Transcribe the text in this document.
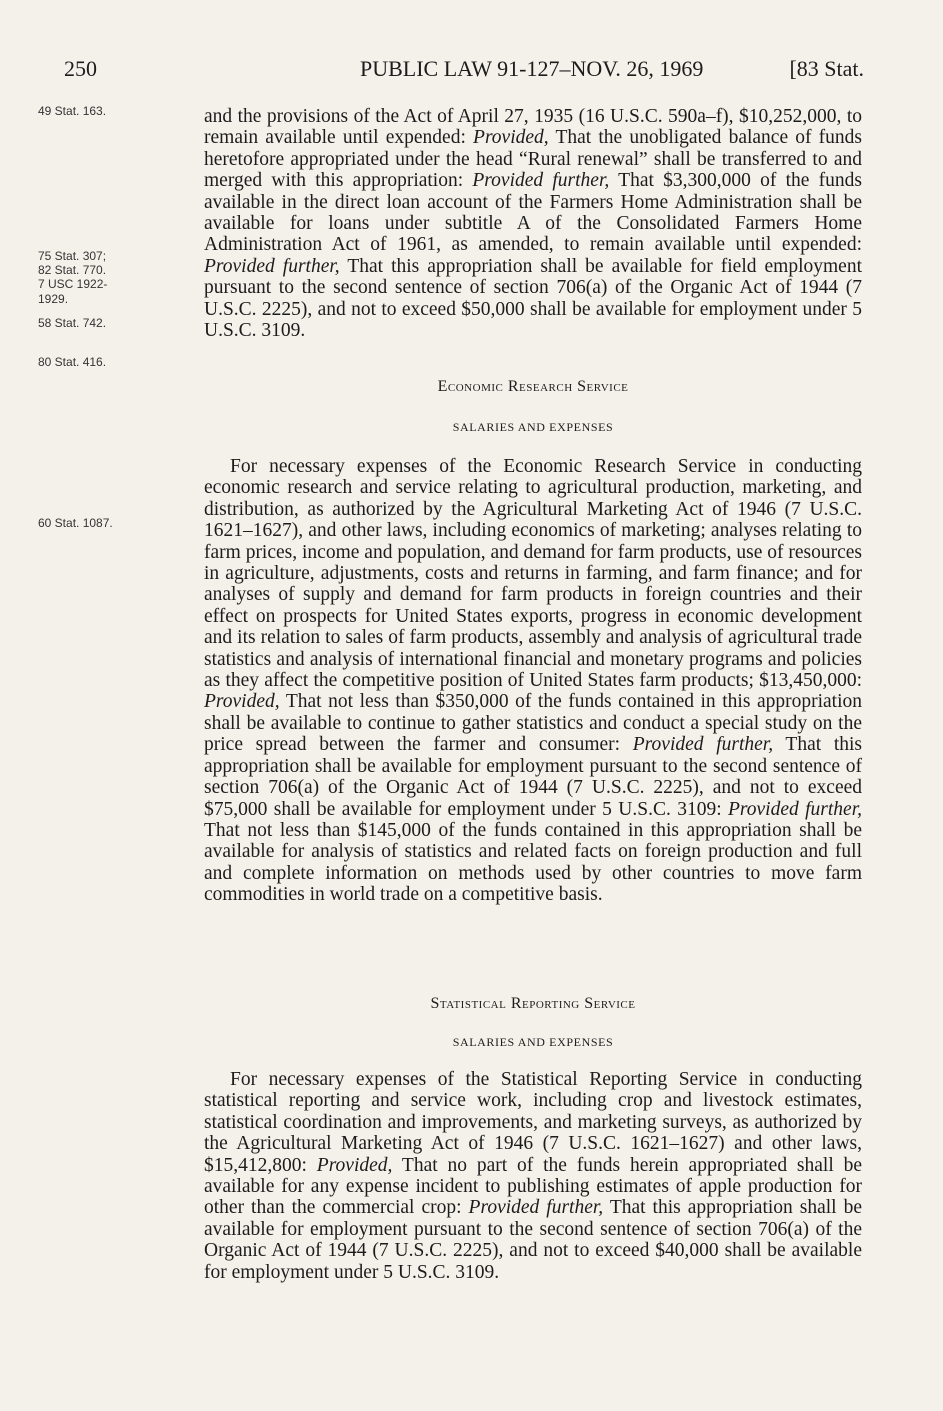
250	PUBLIC LAW 91-127–NOV. 26, 1969	[83 Stat.
49 Stat. 163.
75 Stat. 307;
82 Stat. 770.
7 USC 1922-
1929.
58 Stat. 742.
80 Stat. 416.
60 Stat. 1087.

and the provisions of the Act of April 27, 1935 (16 U.S.C. 590a–f), $10,252,000, to remain available until expended: Provided, That the unobligated balance of funds heretofore appropriated under the head “Rural renewal” shall be transferred to and merged with this appropriation: Provided further, That $3,300,000 of the funds available in the direct loan account of the Farmers Home Administration shall be available for loans under subtitle A of the Consolidated Farmers Home Administration Act of 1961, as amended, to remain available until expended: Provided further, That this appropriation shall be available for field employment pursuant to the second sentence of section 706(a) of the Organic Act of 1944 (7 U.S.C. 2225), and not to exceed $50,000 shall be available for employment under 5 U.S.C. 3109.

Economic Research Service
SALARIES AND EXPENSES

For necessary expenses of the Economic Research Service in conducting economic research and service relating to agricultural production, marketing, and distribution, as authorized by the Agricultural Marketing Act of 1946 (7 U.S.C. 1621–1627), and other laws, including economics of marketing; analyses relating to farm prices, income and population, and demand for farm products, use of resources in agriculture, adjustments, costs and returns in farming, and farm finance; and for analyses of supply and demand for farm products in foreign countries and their effect on prospects for United States exports, progress in economic development and its relation to sales of farm products, assembly and analysis of agricultural trade statistics and analysis of international financial and monetary programs and policies as they affect the competitive position of United States farm products; $13,450,000: Provided, That not less than $350,000 of the funds contained in this appropriation shall be available to continue to gather statistics and conduct a special study on the price spread between the farmer and consumer: Provided further, That this appropriation shall be available for employment pursuant to the second sentence of section 706(a) of the Organic Act of 1944 (7 U.S.C. 2225), and not to exceed $75,000 shall be available for employment under 5 U.S.C. 3109: Provided further, That not less than $145,000 of the funds contained in this appropriation shall be available for analysis of statistics and related facts on foreign production and full and complete information on methods used by other countries to move farm commodities in world trade on a competitive basis.

Statistical Reporting Service
SALARIES AND EXPENSES

For necessary expenses of the Statistical Reporting Service in conducting statistical reporting and service work, including crop and livestock estimates, statistical coordination and improvements, and marketing surveys, as authorized by the Agricultural Marketing Act of 1946 (7 U.S.C. 1621–1627) and other laws, $15,412,800: Provided, That no part of the funds herein appropriated shall be available for any expense incident to publishing estimates of apple production for other than the commercial crop: Provided further, That this appropriation shall be available for employment pursuant to the second sentence of section 706(a) of the Organic Act of 1944 (7 U.S.C. 2225), and not to exceed $40,000 shall be available for employment under 5 U.S.C. 3109.
